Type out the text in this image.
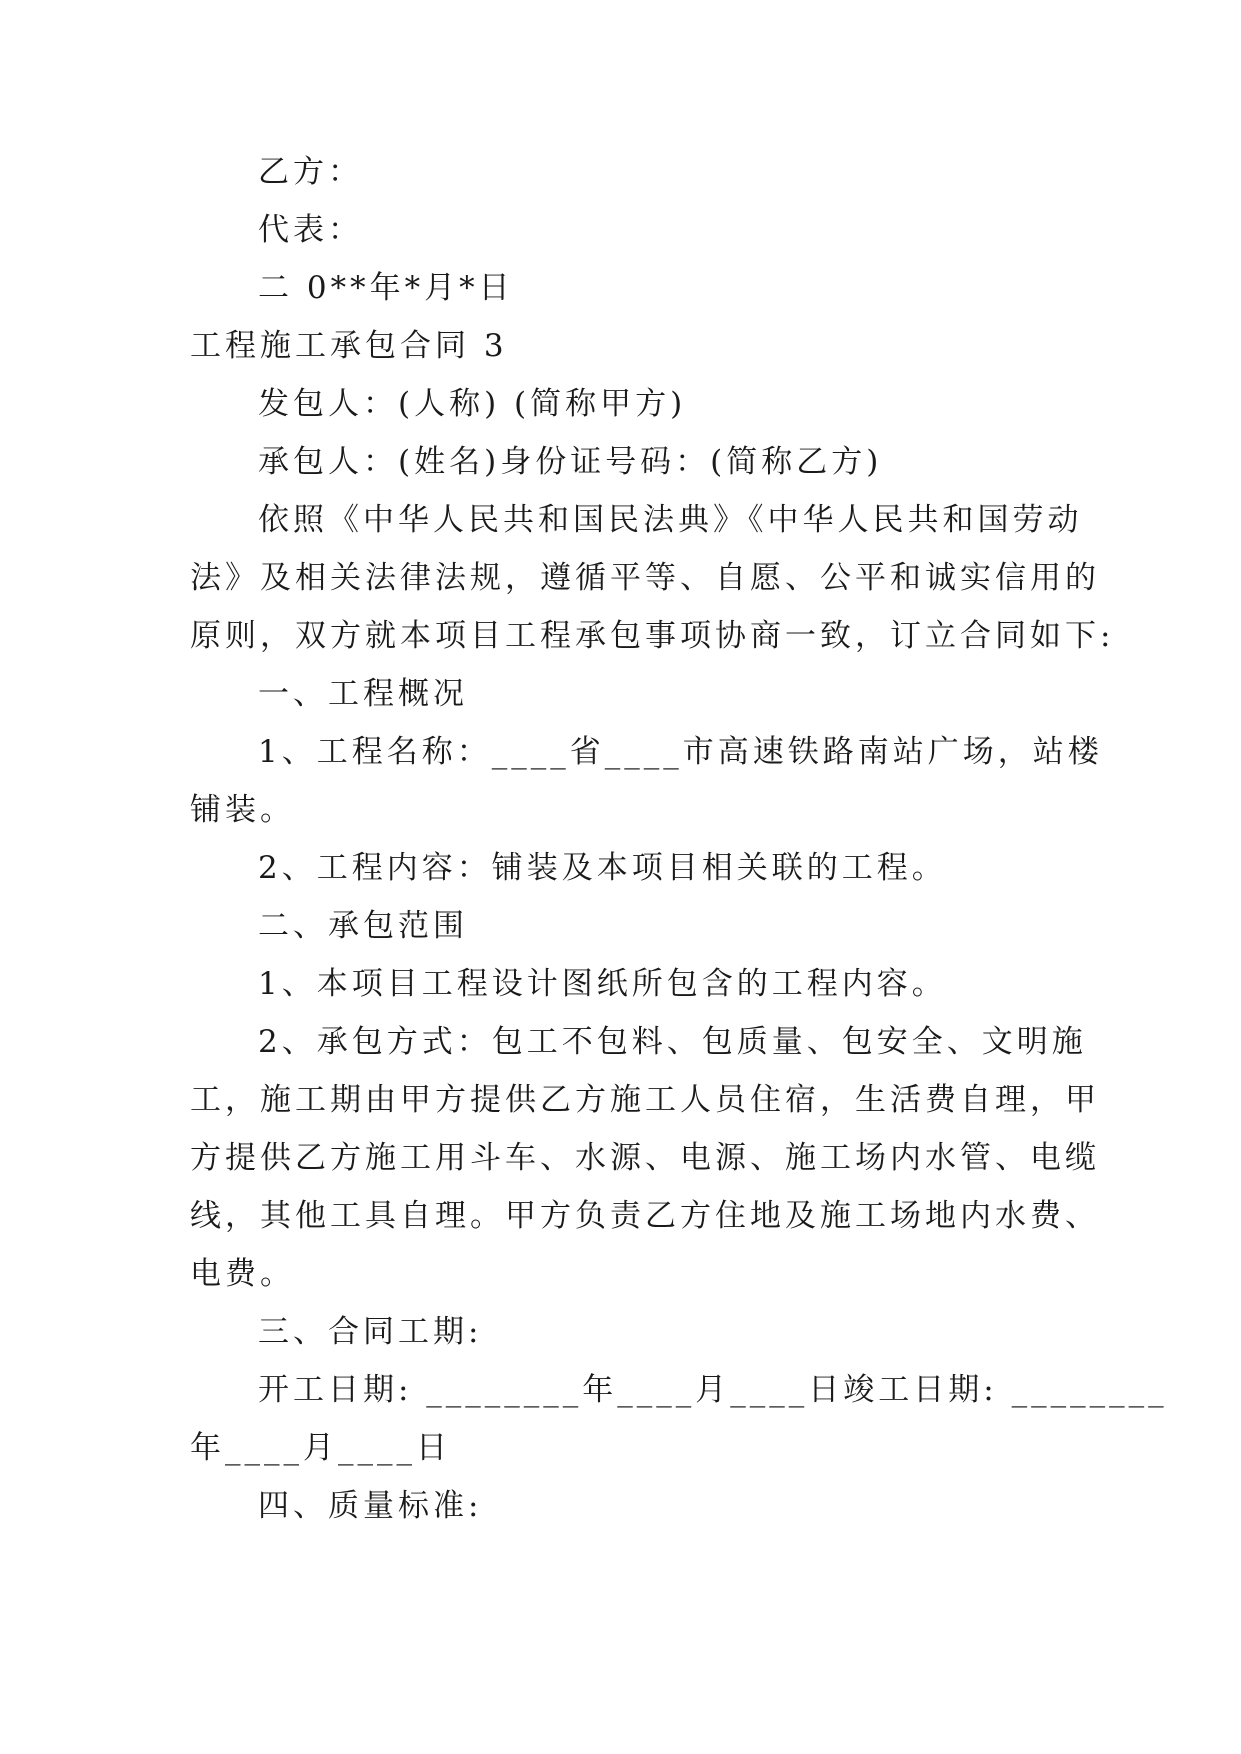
乙方：
代表：
二 0**年*月*日
工程施工承包合同 3
发包人：(人称) (简称甲方)
承包人：(姓名)身份证号码：(简称乙方)
依照《中华人民共和国民法典》《中华人民共和国劳动
法》及相关法律法规，遵循平等、自愿、公平和诚实信用的
原则，双方就本项目工程承包事项协商一致，订立合同如下:
一、工程概况
1、工程名称：____省____市高速铁路南站广场，站楼
铺装。
2、工程内容：铺装及本项目相关联的工程。
二、承包范围
1、本项目工程设计图纸所包含的工程内容。
2、承包方式：包工不包料、包质量、包安全、文明施
工，施工期由甲方提供乙方施工人员住宿，生活费自理，甲
方提供乙方施工用斗车、水源、电源、施工场内水管、电缆
线，其他工具自理。甲方负责乙方住地及施工场地内水费、
电费。
三、合同工期:
开工日期: ________年____月____日竣工日期: ________
年____月____日
四、质量标准:
